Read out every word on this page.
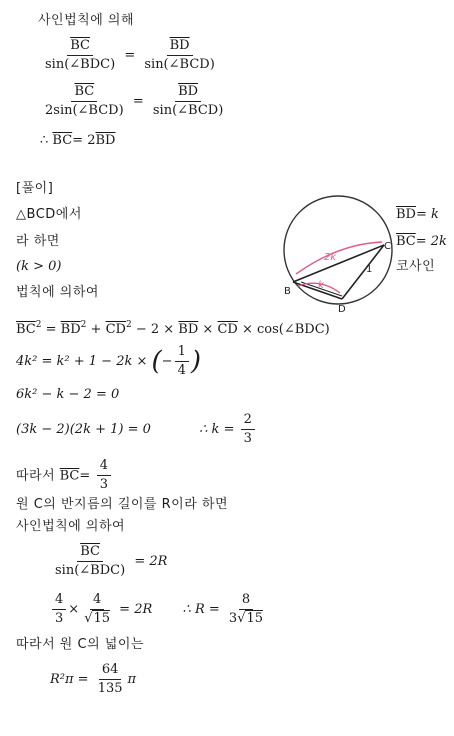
사인법칙에 의해
$\frac{\overline{BC}}{\text{sin(∠BDC)}} = \frac{\overline{BD}}{\text{sin(∠BCD)}}$
$\frac{\overline{BC}}{\text{2sin(∠BCD)}} = \frac{\overline{BD}}{\text{sin(∠BCD)}}$
∴ $\overline{BC}= 2\overline{BD}$
[풀이]
△BCD에서
라 하면
(k > 0)
법칙에 의하여
$\overline{BD}= k$
$\overline{BC}= 2k$
코사인
B
C
D
2k
k
1
$\overline{BC}^2 = \overline{BD}^2 + \overline{CD}^2 - 2 \times \overline{BD} \times \overline{CD}$ × cos(∠BDC)
4k² = k² + 1 − 2k × (− $\frac{1}{4}$ )
6k² − k − 2 = 0
(3k − 2)(2k + 1) = 0	∴ $k = \frac{2}{3}$
따라서 $\overline{BC}= \frac{4}{3}$
원 C의 반지름의 길이를 R이라 하면
사인법칙에 의하여
$\frac{\overline{BC}}{\text{sin(∠BDC)}} = 2R$
$\frac{4}{3} \times \frac{4}{√15} = 2R$ ∴ $R = \frac{8}{3√15}$
따라서 원 C의 넓이는
$R^2\pi = \frac{64}{135}$ π
